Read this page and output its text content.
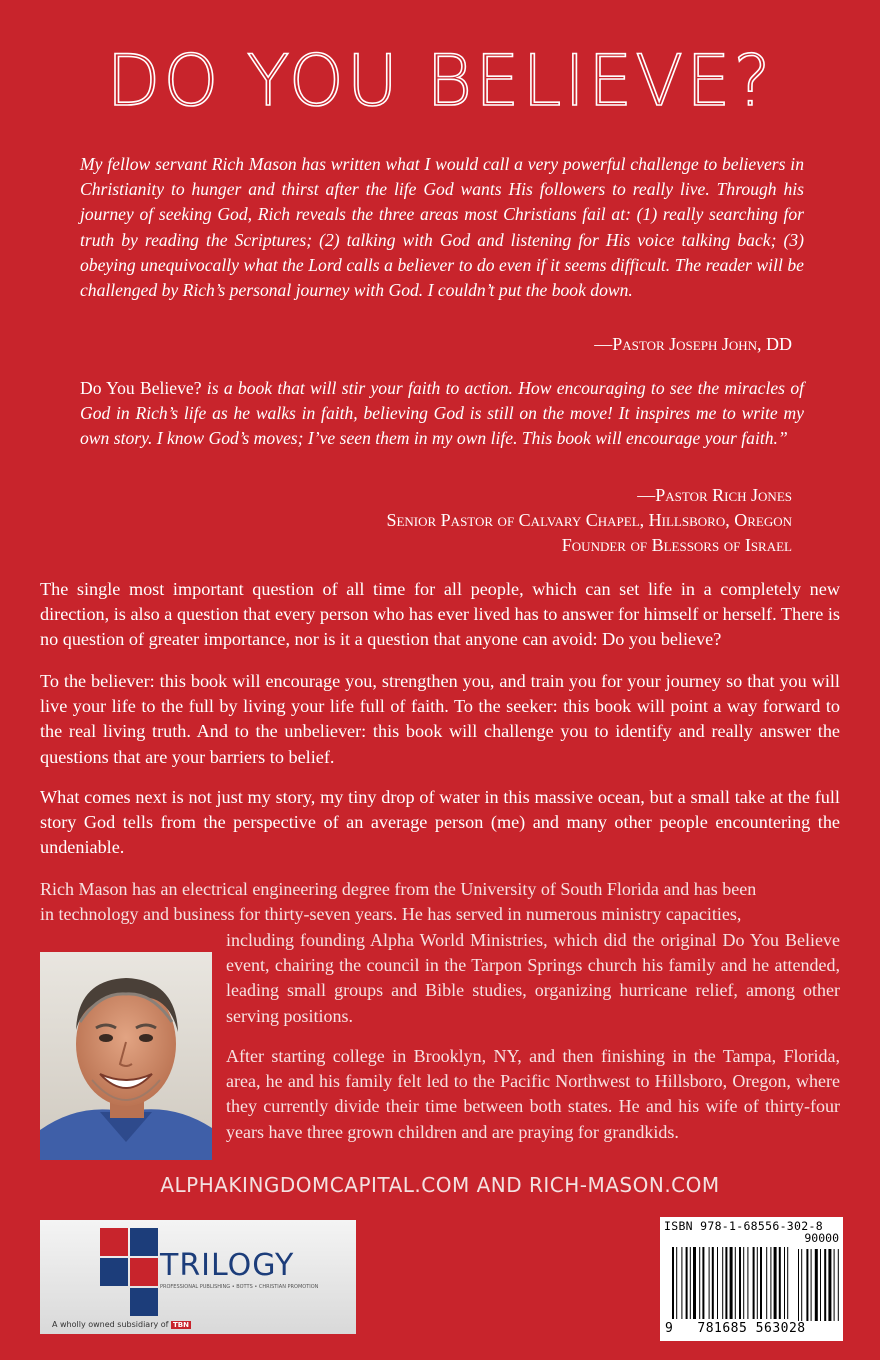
DO YOU BELIEVE?
My fellow servant Rich Mason has written what I would call a very powerful challenge to believers in Christianity to hunger and thirst after the life God wants His followers to really live. Through his journey of seeking God, Rich reveals the three areas most Christians fail at: (1) really searching for truth by reading the Scriptures; (2) talking with God and listening for His voice talking back; (3) obeying unequivocally what the Lord calls a believer to do even if it seems difficult. The reader will be challenged by Rich’s personal journey with God. I couldn’t put the book down.
—Pastor Joseph John, DD
Do You Believe? is a book that will stir your faith to action. How encouraging to see the miracles of God in Rich’s life as he walks in faith, believing God is still on the move! It inspires me to write my own story. I know God’s moves; I’ve seen them in my own life. This book will encourage your faith.”
—Pastor Rich Jones
Senior Pastor of Calvary Chapel, Hillsboro, Oregon
Founder of Blessors of Israel
The single most important question of all time for all people, which can set life in a completely new direction, is also a question that every person who has ever lived has to answer for himself or herself. There is no question of greater importance, nor is it a question that anyone can avoid: Do you believe?
To the believer: this book will encourage you, strengthen you, and train you for your journey so that you will live your life to the full by living your life full of faith. To the seeker: this book will point a way forward to the real living truth. And to the unbeliever: this book will challenge you to identify and really answer the questions that are your barriers to belief.
What comes next is not just my story, my tiny drop of water in this massive ocean, but a small take at the full story God tells from the perspective of an average person (me) and many other people encountering the undeniable.
Rich Mason has an electrical engineering degree from the University of South Florida and has been
in technology and business for thirty-seven years. He has served in numerous ministry capacities,
including founding Alpha World Ministries, which did the original Do You Believe event, chairing the council in the Tarpon Springs church his family and he attended, leading small groups and Bible studies, organizing hurricane relief, among other serving positions.
After starting college in Brooklyn, NY, and then finishing in the Tampa, Florida, area, he and his family felt led to the Pacific Northwest to Hillsboro, Oregon, where they currently divide their time between both states. He and his wife of thirty-four years have three grown children and are praying for grandkids.
ALPHAKINGDOMCAPITAL.COM AND RICH-MASON.COM
TRILOGY
PROFESSIONAL PUBLISHING • BOTTS • CHRISTIAN PROMOTION
A wholly owned subsidiary of TBN
ISBN 978-1-68556-302-8
90000
9 781685 563028
